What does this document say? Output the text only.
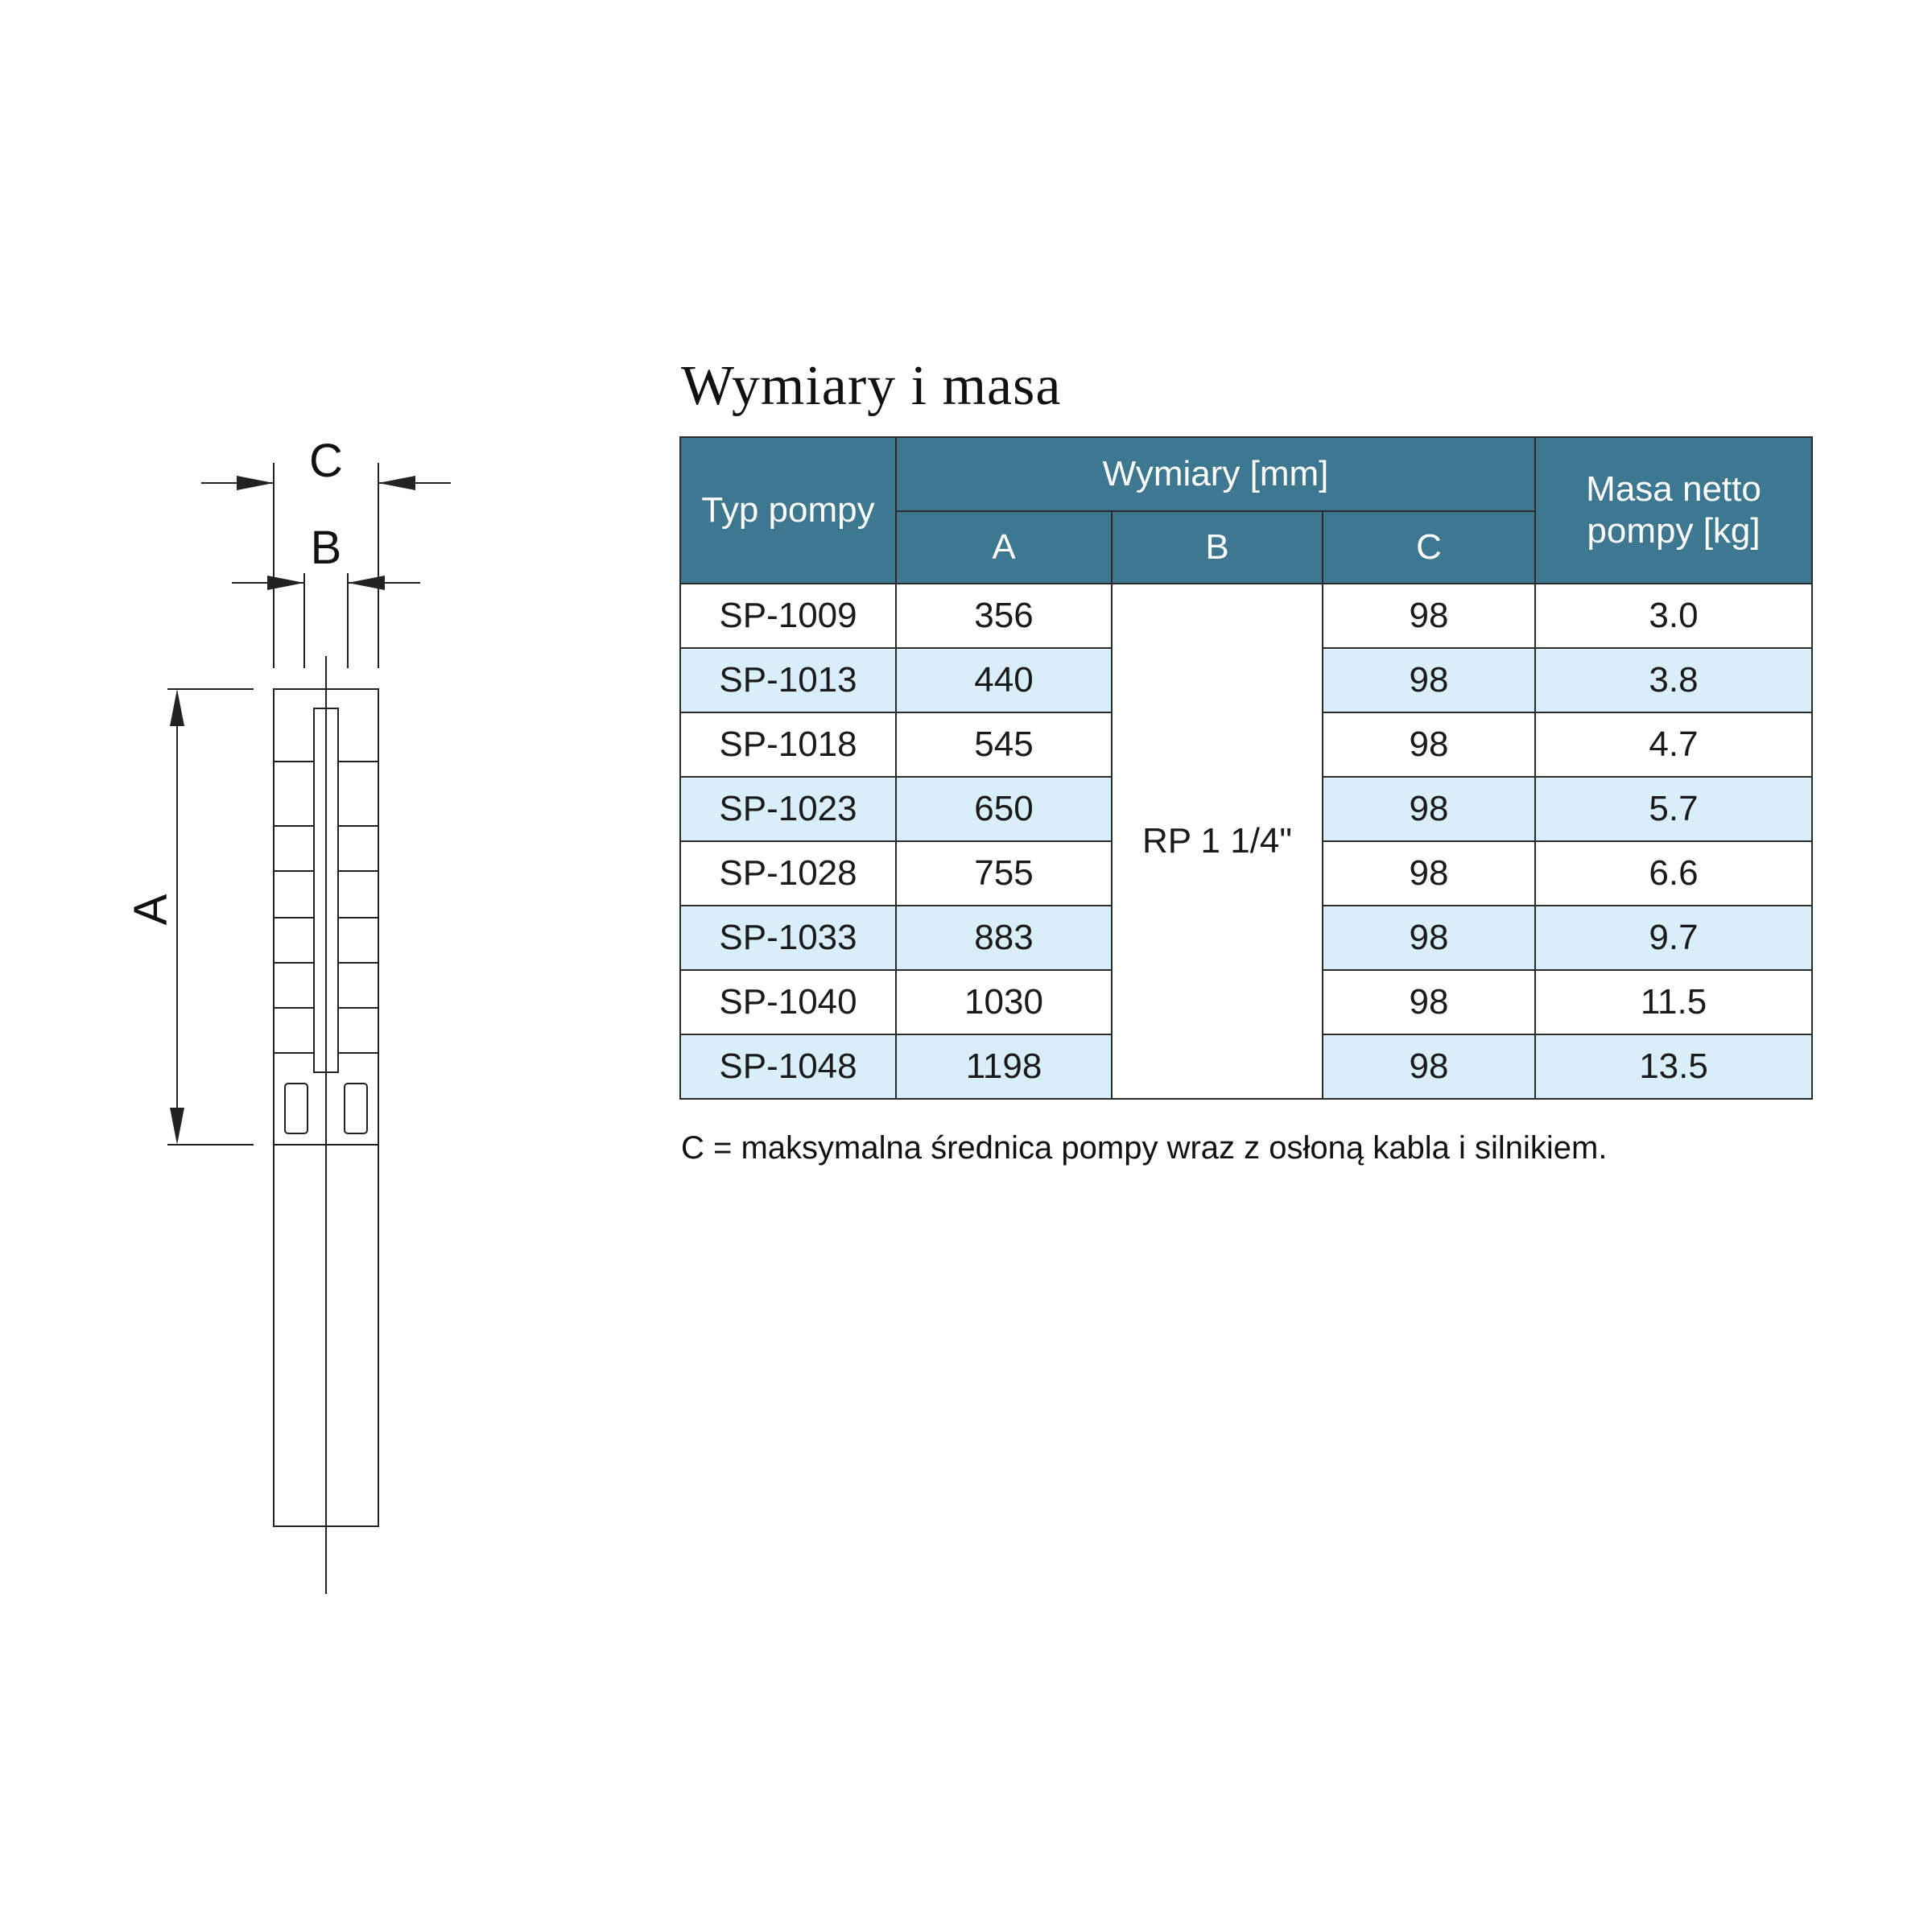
C
B
A
Wymiary i masa
Typ pompy	Wymiary [mm]			Masa netto pompy [kg]
	A	B	C	
SP-1009	356	RP 1 1/4"	98	3.0
SP-1013	440		98	3.8
SP-1018	545		98	4.7
SP-1023	650		98	5.7
SP-1028	755		98	6.6
SP-1033	883		98	9.7
SP-1040	1030		98	11.5
SP-1048	1198		98	13.5
C = maksymalna średnica pompy wraz z osłoną kabla i silnikiem.
